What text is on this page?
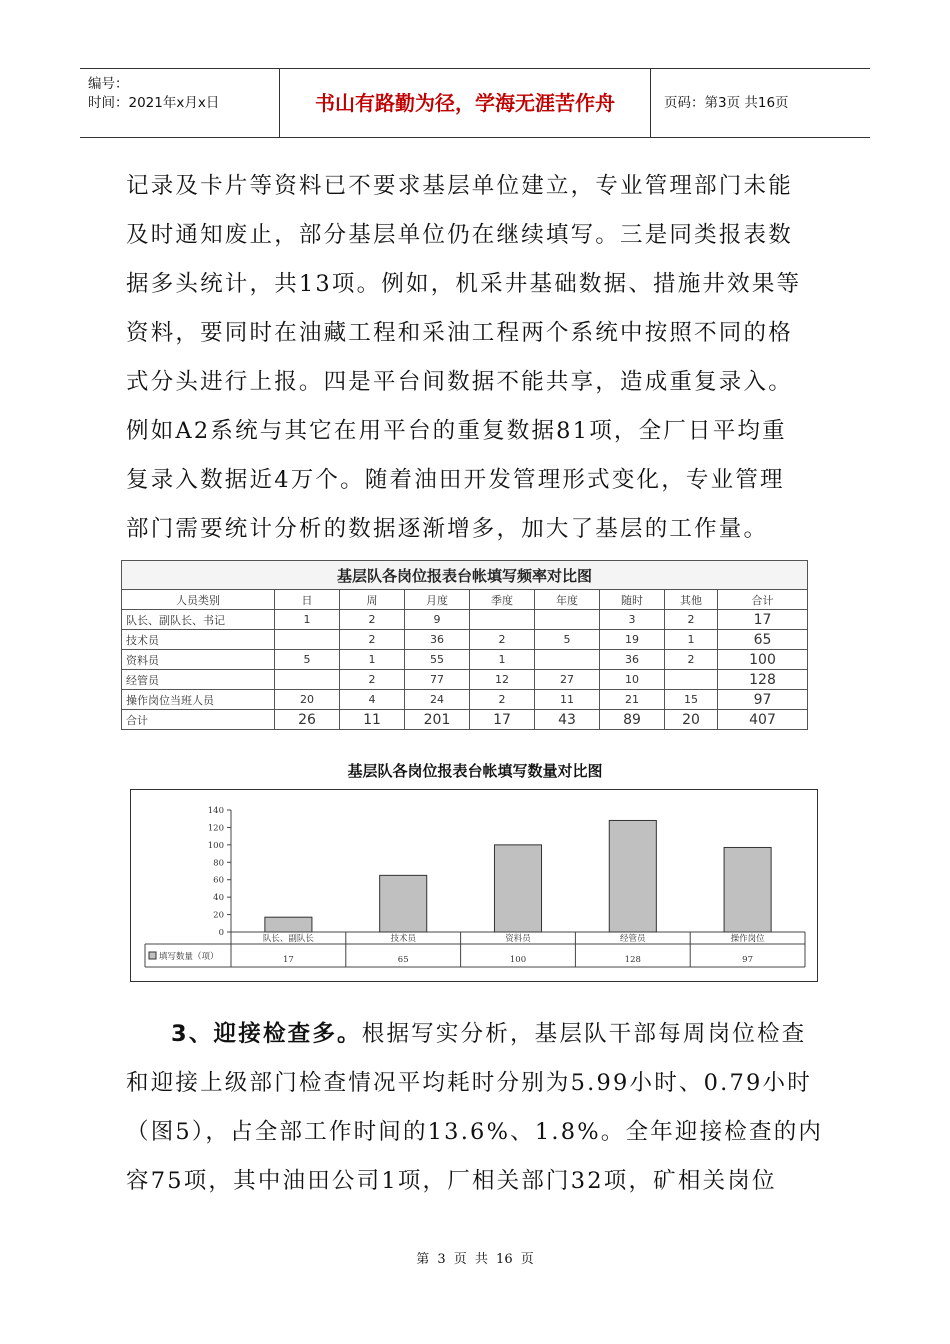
编号：
时间：2021年x月x日	书山有路勤为径，学海无涯苦作舟	页码：第3页 共16页

记录及卡片等资料已不要求基层单位建立，专业管理部门未能
及时通知废止，部分基层单位仍在继续填写。三是同类报表数
据多头统计，共13项。例如，机采井基础数据、措施井效果等
资料，要同时在油藏工程和采油工程两个系统中按照不同的格
式分头进行上报。四是平台间数据不能共享，造成重复录入。
例如A2系统与其它在用平台的重复数据81项，全厂日平均重
复录入数据近4万个。随着油田开发管理形式变化，专业管理
部门需要统计分析的数据逐渐增多，加大了基层的工作量。

基层队各岗位报表台帐填写频率对比图								
人员类别	日	周	月度	季度	年度	随时	其他	合计
队长、副队长、书记	1	2	9			3	2	17
技术员		2	36	2	5	19	1	65
资料员	5	1	55	1		36	2	100
经管员		2	77	12	27	10		128
操作岗位当班人员	20	4	24	2	11	21	15	97
合计	26	11	201	17	43	89	20	407
基层队各岗位报表台帐填写数量对比图
0
20
40
60
80
100
120
140
填写数量（项）
队长、副队长
17
技术员
65
资料员
100
经管员
128
操作岗位
97

3、迎接检查多。根据写实分析，基层队干部每周岗位检查
和迎接上级部门检查情况平均耗时分别为5.99小时、0.79小时
（图5），占全部工作时间的13.6%、1.8%。全年迎接检查的内
容75项，其中油田公司1项，厂相关部门32项，矿相关岗位

第 3 页 共 16 页
